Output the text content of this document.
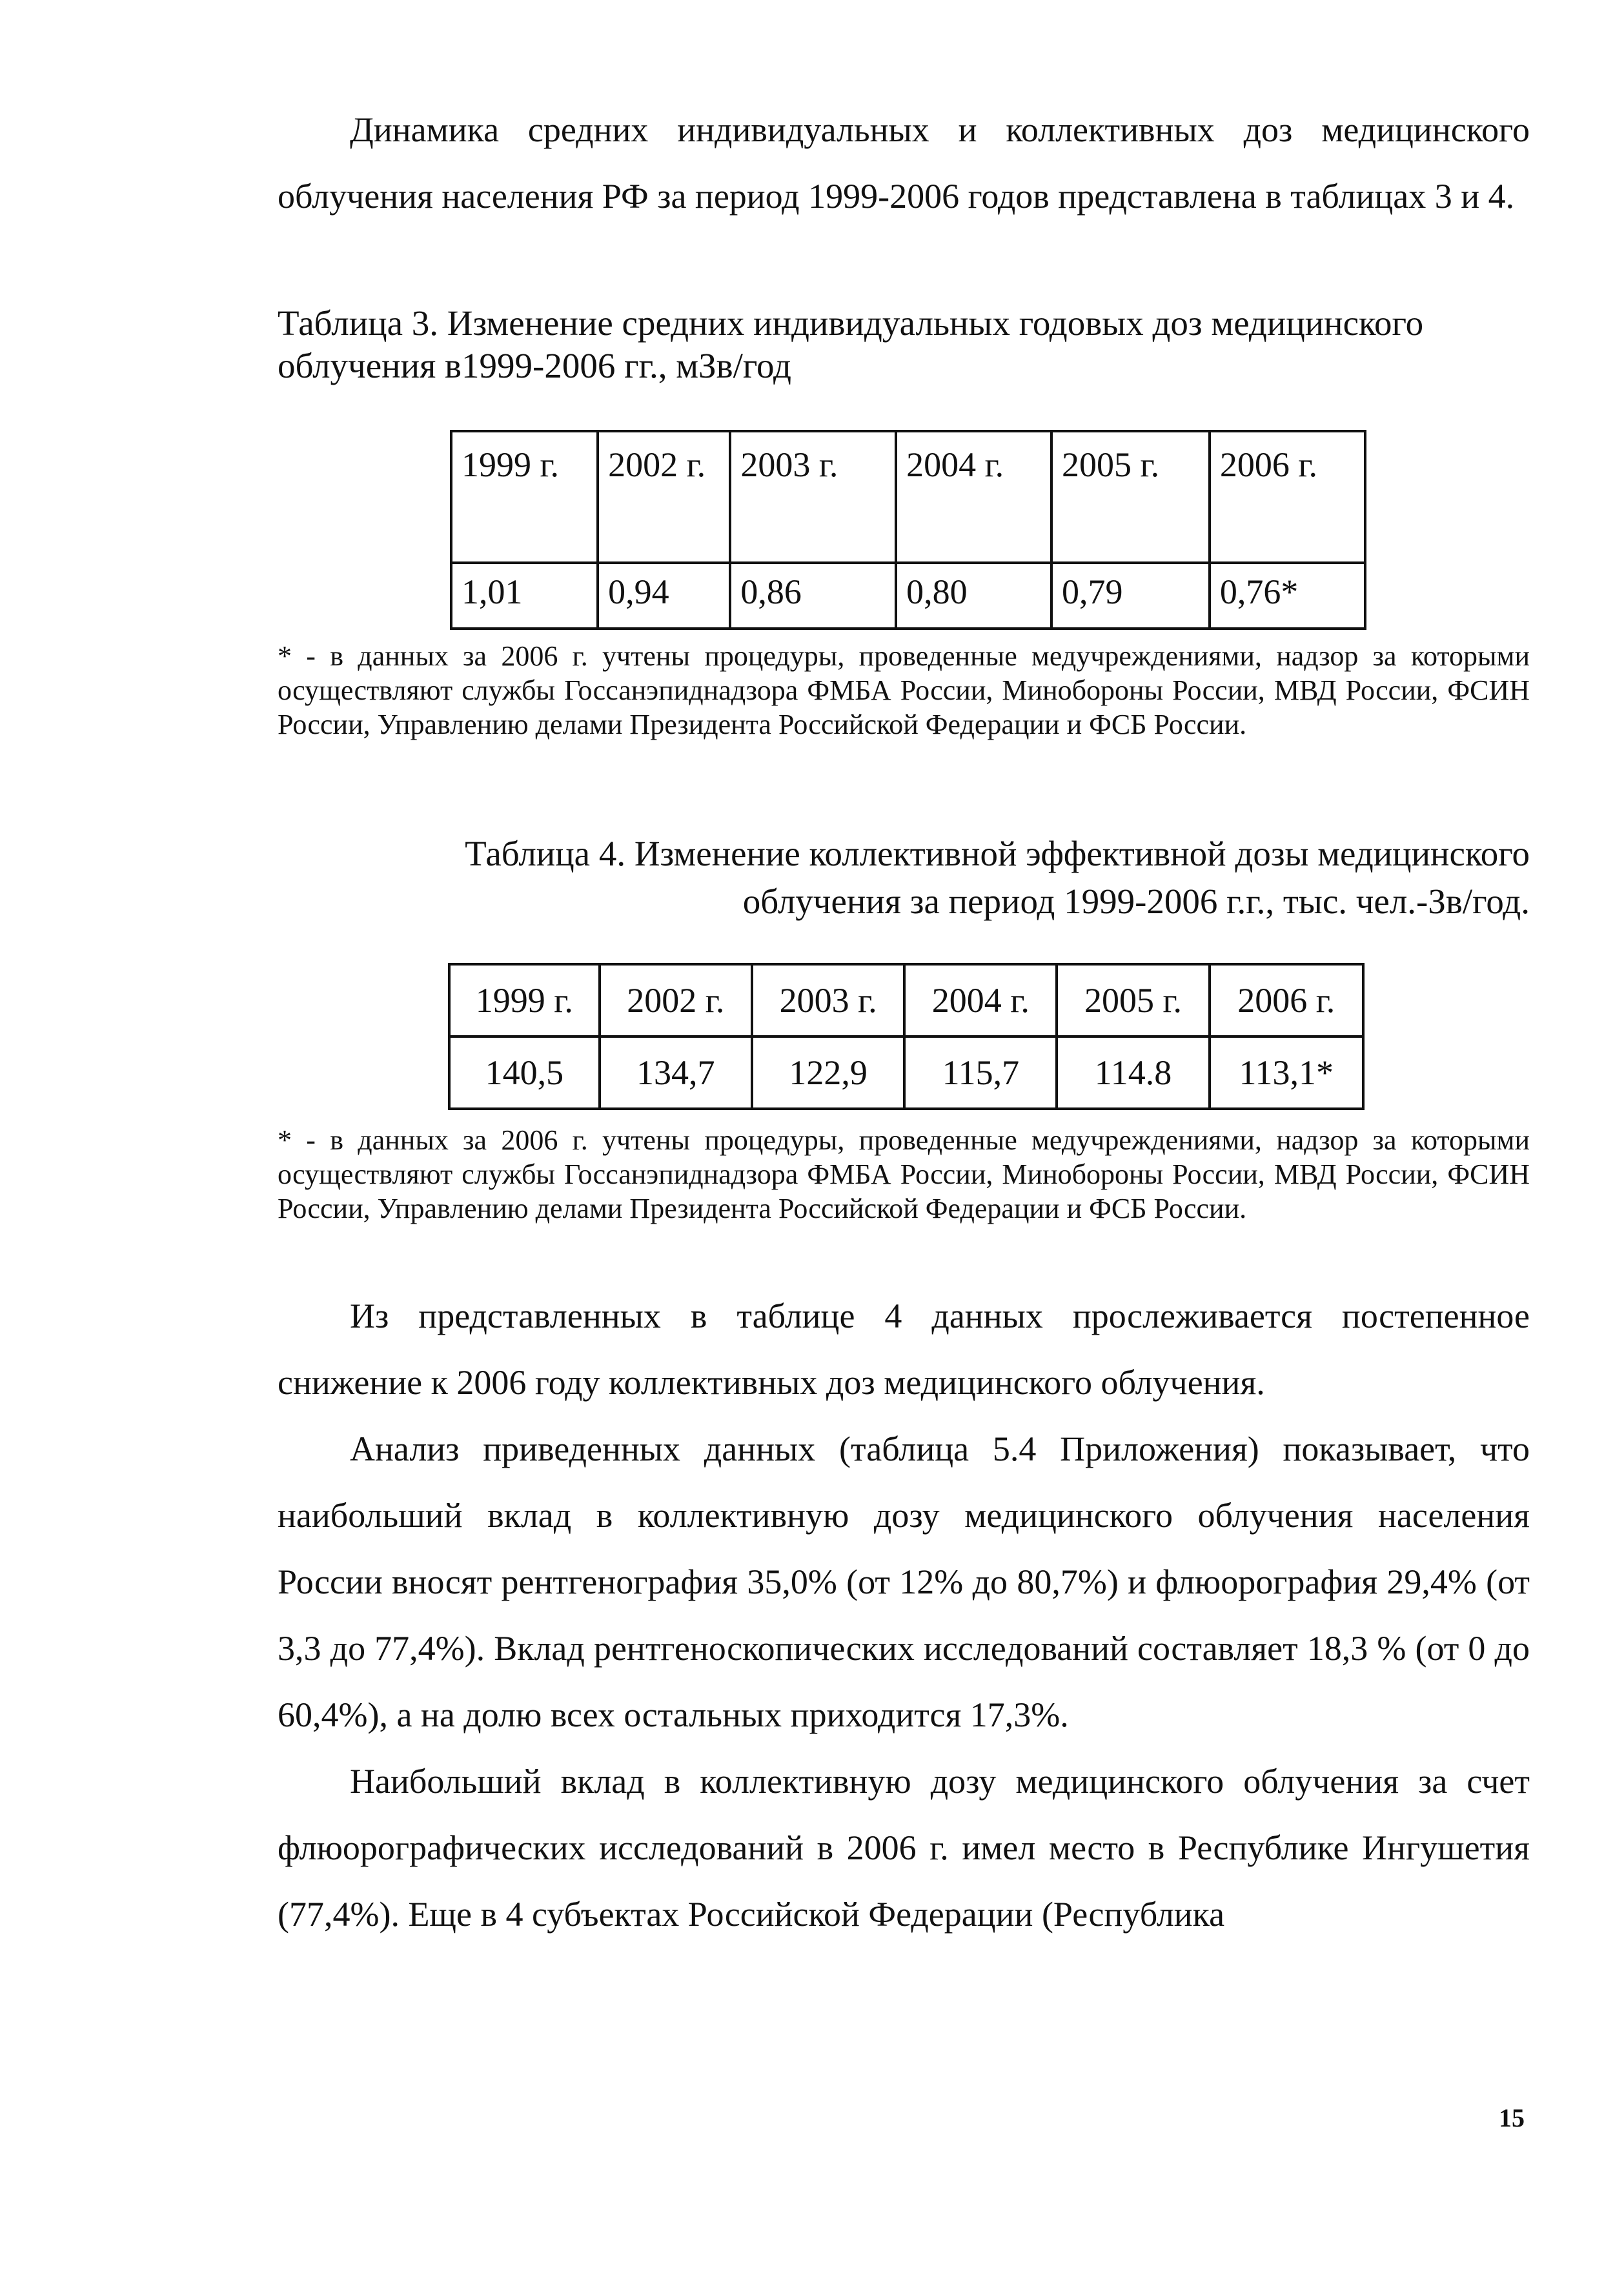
Динамика средних индивидуальных и коллективных доз медицинского облучения населения РФ за период 1999-2006 годов представлена в таблицах 3 и 4.

Таблица 3. Изменение средних индивидуальных годовых доз медицинского облучения в1999-2006 гг., мЗв/год

1999 г.	2002 г.	2003 г.	2004 г.	2005 г.	2006 г.
1,01	0,94	0,86	0,80	0,79	0,76*

* - в данных за 2006 г. учтены процедуры, проведенные медучреждениями, надзор за которыми осуществляют службы Госсанэпиднадзора ФМБА России, Минобороны России, МВД России, ФСИН России, Управлению делами Президента Российской Федерации и ФСБ России.

Таблица 4. Изменение коллективной эффективной дозы медицинского

облучения за период 1999-2006 г.г., тыс. чел.-Зв/год.

1999 г.	2002 г.	2003 г.	2004 г.	2005 г.	2006 г.
140,5	134,7	122,9	115,7	114.8	113,1*

* - в данных за 2006 г. учтены процедуры, проведенные медучреждениями, надзор за которыми осуществляют службы Госсанэпиднадзора ФМБА России, Минобороны России, МВД России, ФСИН России, Управлению делами Президента Российской Федерации и ФСБ России.

Из представленных в таблице 4 данных прослеживается постепенное снижение к 2006 году коллективных доз медицинского облучения.

Анализ приведенных данных (таблица 5.4 Приложения) показывает, что наибольший вклад в коллективную дозу медицинского облучения населения России вносят рентгенография 35,0% (от 12% до 80,7%) и флюорография 29,4% (от 3,3 до 77,4%). Вклад рентгеноскопических исследований составляет 18,3 % (от 0 до 60,4%), а на долю всех остальных приходится 17,3%.

Наибольший вклад в коллективную дозу медицинского облучения за счет флюорографических исследований в 2006 г. имел место в Республике Ингушетия (77,4%). Еще в 4 субъектах Российской Федерации (Республика

15
